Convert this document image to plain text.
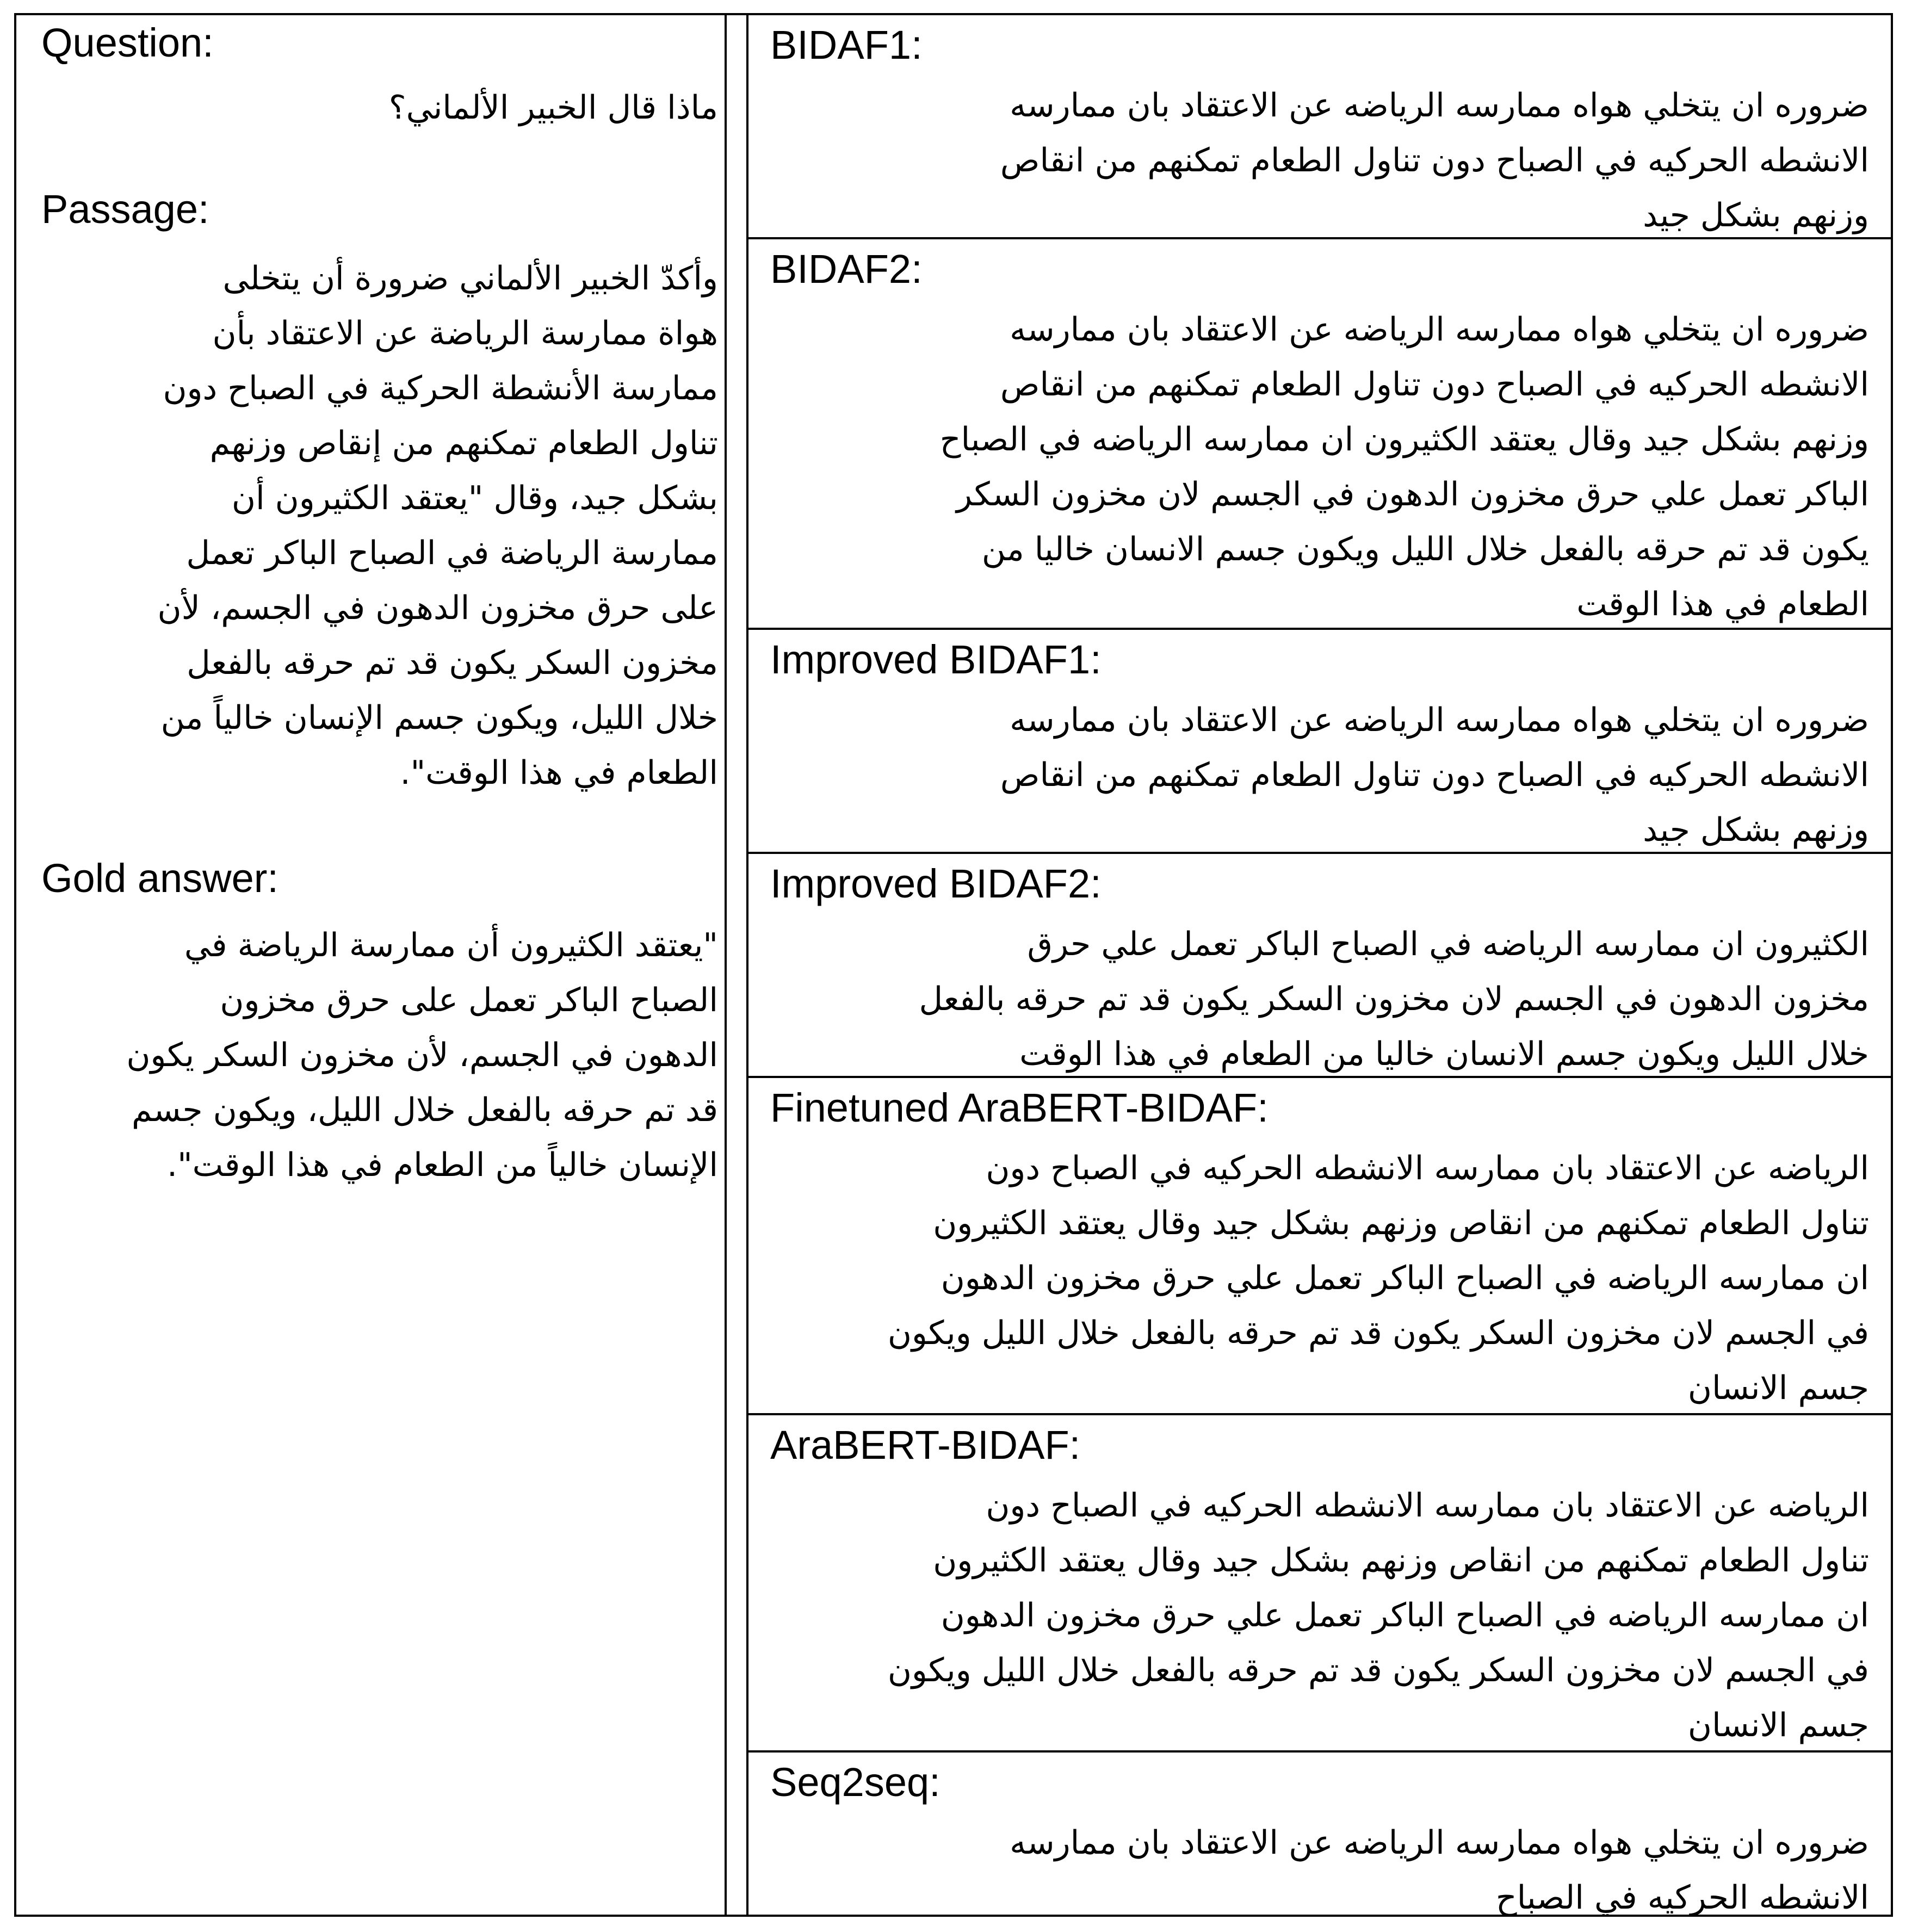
Question:
ماذا قال الخبير الألماني؟
Passage:
وأكدّ الخبير الألماني ضرورة أن يتخلى
هواة ممارسة الرياضة عن الاعتقاد بأن
ممارسة الأنشطة الحركية في الصباح دون
تناول الطعام تمكنهم من إنقاص وزنهم
بشكل جيد، وقال "يعتقد الكثيرون أن
ممارسة الرياضة في الصباح الباكر تعمل
على حرق مخزون الدهون في الجسم، لأن
مخزون السكر يكون قد تم حرقه بالفعل
خلال الليل، ويكون جسم الإنسان خالياً من
الطعام في هذا الوقت".
Gold answer:
"يعتقد الكثيرون أن ممارسة الرياضة في
الصباح الباكر تعمل على حرق مخزون
الدهون في الجسم، لأن مخزون السكر يكون
قد تم حرقه بالفعل خلال الليل، ويكون جسم
الإنسان خالياً من الطعام في هذا الوقت".
BIDAF1:
ضروره ان يتخلي هواه ممارسه الرياضه عن الاعتقاد بان ممارسه
الانشطه الحركيه في الصباح دون تناول الطعام تمكنهم من انقاص
وزنهم بشكل جيد
BIDAF2:
ضروره ان يتخلي هواه ممارسه الرياضه عن الاعتقاد بان ممارسه
الانشطه الحركيه في الصباح دون تناول الطعام تمكنهم من انقاص
وزنهم بشكل جيد وقال يعتقد الكثيرون ان ممارسه الرياضه في الصباح
الباكر تعمل علي حرق مخزون الدهون في الجسم لان مخزون السكر
يكون قد تم حرقه بالفعل خلال الليل ويكون جسم الانسان خاليا من
الطعام في هذا الوقت
Improved BIDAF1:
ضروره ان يتخلي هواه ممارسه الرياضه عن الاعتقاد بان ممارسه
الانشطه الحركيه في الصباح دون تناول الطعام تمكنهم من انقاص
وزنهم بشكل جيد
Improved BIDAF2:
الكثيرون ان ممارسه الرياضه في الصباح الباكر تعمل علي حرق
مخزون الدهون في الجسم لان مخزون السكر يكون قد تم حرقه بالفعل
خلال الليل ويكون جسم الانسان خاليا من الطعام في هذا الوقت
Finetuned AraBERT-BIDAF:
الرياضه عن الاعتقاد بان ممارسه الانشطه الحركيه في الصباح دون
تناول الطعام تمكنهم من انقاص وزنهم بشكل جيد وقال يعتقد الكثيرون
ان ممارسه الرياضه في الصباح الباكر تعمل علي حرق مخزون الدهون
في الجسم لان مخزون السكر يكون قد تم حرقه بالفعل خلال الليل ويكون
جسم الانسان
AraBERT-BIDAF:
الرياضه عن الاعتقاد بان ممارسه الانشطه الحركيه في الصباح دون
تناول الطعام تمكنهم من انقاص وزنهم بشكل جيد وقال يعتقد الكثيرون
ان ممارسه الرياضه في الصباح الباكر تعمل علي حرق مخزون الدهون
في الجسم لان مخزون السكر يكون قد تم حرقه بالفعل خلال الليل ويكون
جسم الانسان
Seq2seq:
ضروره ان يتخلي هواه ممارسه الرياضه عن الاعتقاد بان ممارسه
الانشطه الحركيه في الصباح
